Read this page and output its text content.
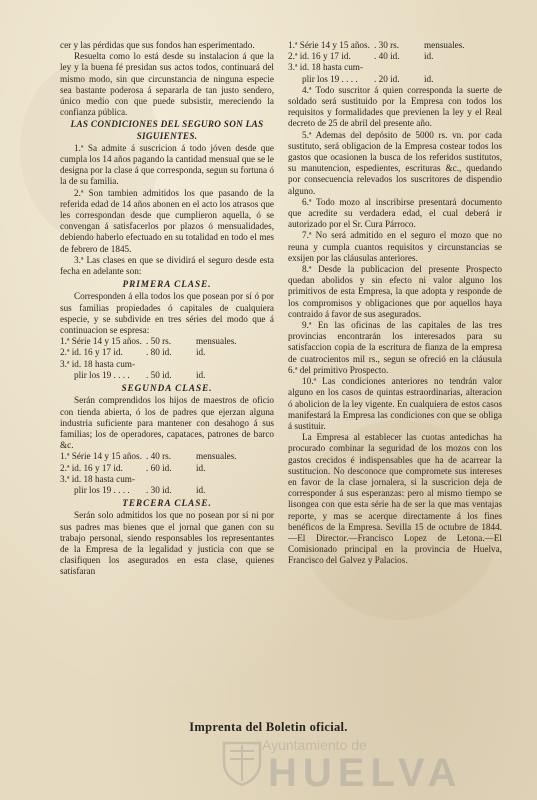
cer y las pérdidas que sus fondos han esperimentado.

Resuelta como lo está desde su instalacion á que la ley y la buena fé presidan sus actos todos, continuará del mismo modo, sin que circunstancia de ninguna especie sea bastante poderosa á separarla de tan justo sendero, único medio con que puede subsistir, mereciendo la confianza pública.

LAS CONDICIONES DEL SEGURO SON LAS SIGUIENTES.

1.ª Sa admite á suscricion á todo jóven desde que cumpla los 14 años pagando la cantidad mensual que se le designa por la clase á que corresponda, segun su fortuna ó la de su familia.

2.ª Son tambien admitidos los que pasando de la referida edad de 14 años abonen en el acto los atrasos que les correspondan desde que cumplieron aquella, ó se convengan á satisfacerlos por plazos ó mensualidades, debiendo haberlo efectuado en su totalidad en todo el mes de febrero de 1845.

3.ª Las clases en que se dividirá el seguro desde esta fecha en adelante son:

PRIMERA CLASE.

Corresponden á ella todos los que posean por sí ó por sus familias propiedades ó capitales de cualquiera especie, y se subdivide en tres séries del modo que á continuacion se espresa:

1.ª Série 14 y 15 años. . 50 rs.	mensuales.
2.ª id. 16 y 17 id.	. 80 id.	id.
3.ª id. 18 hasta cum-
plir los 19 . . . .	. 50 id.	id.
SEGUNDA CLASE.

Serán comprendidos los hijos de maestros de oficio con tienda abierta, ó los de padres que ejerzan alguna industria suficiente para mantener con desahogo á sus familias; los de operadores, capataces, patrones de barco &c.

1.ª Série 14 y 15 años. . 40 rs.	mensuales.
2.ª id. 16 y 17 id.	. 60 id.	id.
3.ª id. 18 hasta cum-
plir los 19 . . . .	. 30 id.	id.
TERCERA CLASE.

Serán solo admitidos los que no posean por sí ni por sus padres mas bienes que el jornal que ganen con su trabajo personal, siendo responsables los representantes de la Empresa de la legalidad y justicia con que se clasifiquen los asegurados en esta clase, quienes satisfaran

1.ª Série 14 y 15 años. . 30 rs.	mensuales.
2.ª id. 16 y 17 id.	. 40 id.	id.
3.ª id. 18 hasta cum-
plir los 19 . . . .	. 20 id.	id.

4.ª Todo suscritor á quien corresponda la suerte de soldado será sustituido por la Empresa con todos los requisitos y formalidades que previenen la ley y el Real decreto de 25 de abril del presente año.

5.ª Ademas del depósito de 5000 rs. vn. por cada sustituto, será obligacion de la Empresa costear todos los gastos que ocasionen la busca de los referidos sustitutos, su manutencion, espedientes, escrituras &c., quedando por consecuencia relevados los suscritores de dispendio alguno.

6.ª Todo mozo al inscribirse presentará documento que acredite su verdadera edad, el cual deberá ir autorizado por el Sr. Cura Párroco.

7.ª No será admitido en el seguro el mozo que no reuna y cumpla cuantos requisitos y circunstancias se exsijen por las cláusulas anteriores.

8.ª Desde la publicacion del presente Prospecto quedan abolidos y sin efecto ni valor alguno los primitivos de esta Empresa, la que adopta y responde de los compromisos y obligaciones que por aquellos haya contraido á favor de sus asegurados.

9.ª En las oficinas de las capitales de las tres provincias encontrarán los interesados para su satisfaccion copia de la escritura de fianza de la empresa de cuatrocientos mil rs., segun se ofreció en la cláusula 6.ª del primitivo Prospecto.

10.ª Las condiciones anteriores no tendrán valor alguno en los casos de quintas estraordinarias, alteracion ó abolicion de la ley vigente. En cualquiera de estos casos manifestará la Empresa las condiciones con que se obliga á sustituir.

La Empresa al establecer las cuotas antedichas ha procurado combinar la seguridad de los mozos con los gastos crecidos é indispensables que ha de acarrear la sustitucion. No desconoce que compromete sus intereses en favor de la clase jornalera, si la suscricion deja de corresponder á sus esperanzas: pero al mismo tiempo se lisongea con que esta série ha de ser la que mas ventajas reporte, y mas se acerque directamente á los fines benéficos de la Empresa. Sevilla 15 de octubre de 1844.—El Director.—Francisco Lopez de Letona.—El Comisionado principal en la provincia de Huelva, Francisco del Galvez y Palacios.

Imprenta del Boletin oficial.
Ayuntamiento de
HUELVA
